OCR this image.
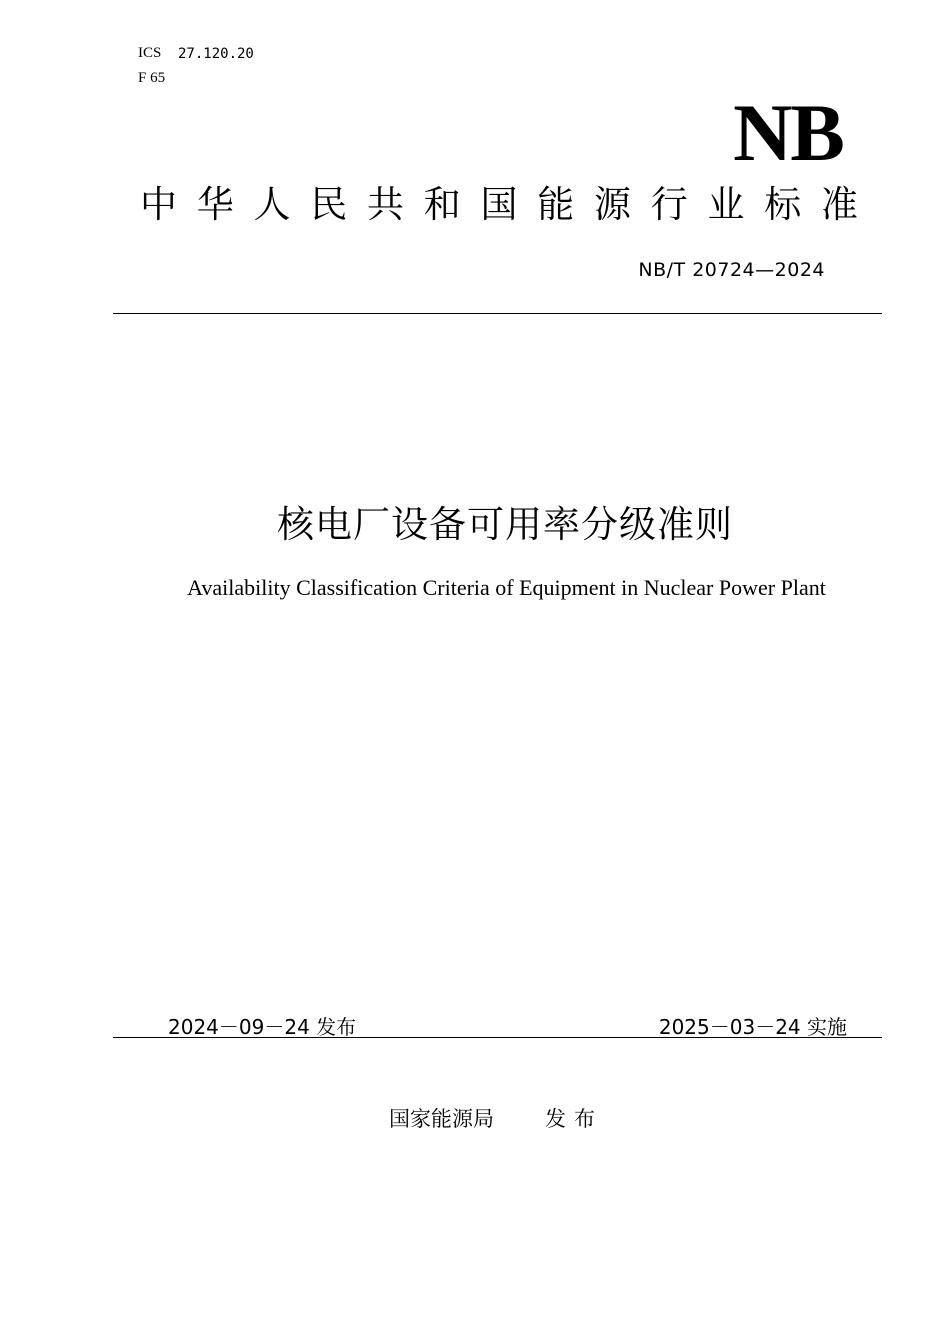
ICS 27.120.20
F 65
NB
中 华 人 民 共 和 国 能 源 行 业 标 准
NB/T 20724—2024
核电厂设备可用率分级准则
Availability Classification Criteria of Equipment in Nuclear Power Plant
2024－09－24 发布	2025－03－24 实施
国家能源局 发布
